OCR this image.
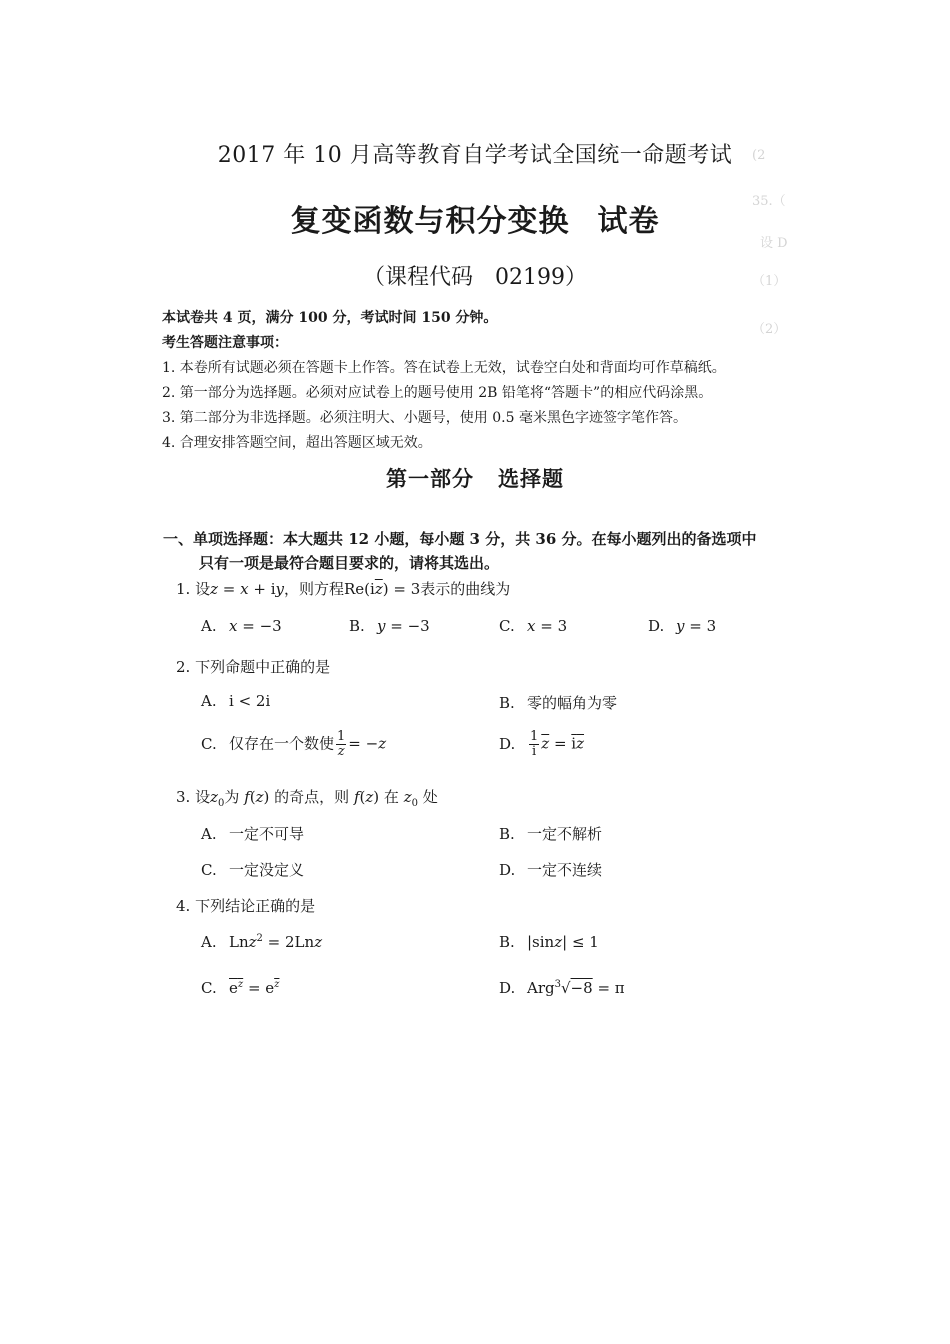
(2
35.（
设 D
（1）
（2）
2017 年 10 月高等教育自学考试全国统一命题考试
复变函数与积分变换 试卷
（课程代码 02199）
本试卷共 4 页，满分 100 分，考试时间 150 分钟。
考生答题注意事项：
1. 本卷所有试题必须在答题卡上作答。答在试卷上无效，试卷空白处和背面均可作草稿纸。
2. 第一部分为选择题。必须对应试卷上的题号使用 2B 铅笔将“答题卡”的相应代码涂黑。
3. 第二部分为非选择题。必须注明大、小题号，使用 0.5 毫米黑色字迹签字笔作答。
4. 合理安排答题空间，超出答题区域无效。
第一部分 选择题
一、单项选择题：本大题共 12 小题，每小题 3 分，共 36 分。在每小题列出的备选项中
只有一项是最符合题目要求的，请将其选出。
1. 设z = x + iy，则方程$Re(i\overline{z}) = 3$表示的曲线为
A. x = −3	B. y = −3	C. x = 3	D. y = 3
2. 下列命题中正确的是
A. i < 2i	B. 零的幅角为零
C. 仅存在一个数使 $\frac{1}{z} = -z$	D. $\frac{1}{i} \overline{z}$ = iz
3. 设$z_0$为 f(z) 的奇点，则 f(z) 在 $z_0$ 处
A. 一定不可导	B. 一定不解析
C. 一定没定义	D. 一定不连续
4. 下列结论正确的是
A. Lnz$^2$ = 2Lnz	B. |sinz| ≤ 1
C. $e^z = e^{\overline{z}}$	D. Arg$^3$√−8 = π
